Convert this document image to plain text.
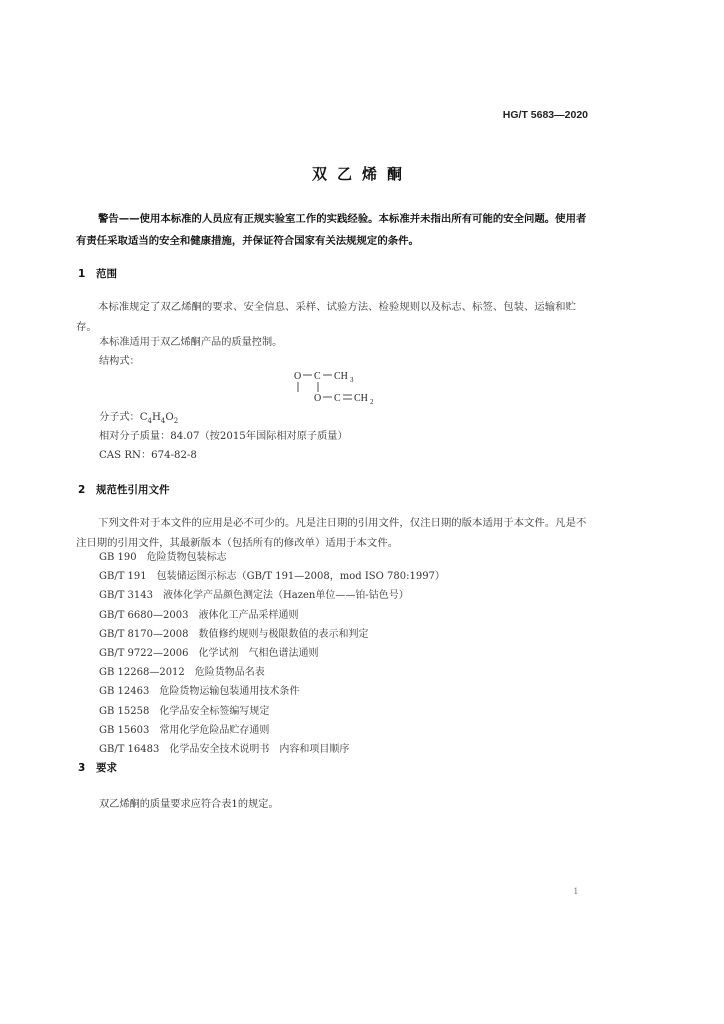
HG/T 5683—2020
双乙烯酮
警告——使用本标准的人员应有正规实验室工作的实践经验。本标准并未指出所有可能的安全问题。使用者有责任采取适当的安全和健康措施，并保证符合国家有关法规规定的条件。
1 范围
本标准规定了双乙烯酮的要求、安全信息、采样、试验方法、检验规则以及标志、标签、包装、运输和贮存。
本标准适用于双乙烯酮产品的质量控制。
结构式：
O C CH 3
O C CH 2
分子式：$C_4H_4O_2$
相对分子质量：84.07（按2015年国际相对原子质量）
CAS RN：674-82-8
2 规范性引用文件
下列文件对于本文件的应用是必不可少的。凡是注日期的引用文件，仅注日期的版本适用于本文件。凡是不注日期的引用文件，其最新版本（包括所有的修改单）适用于本文件。
GB 190 危险货物包装标志
GB/T 191 包装储运图示标志（GB/T 191—2008，mod ISO 780:1997）
GB/T 3143 液体化学产品颜色测定法（Hazen单位——铂-钴色号）
GB/T 6680—2003 液体化工产品采样通则
GB/T 8170—2008 数值修约规则与极限数值的表示和判定
GB/T 9722—2006 化学试剂　气相色谱法通则
GB 12268—2012 危险货物品名表
GB 12463 危险货物运输包装通用技术条件
GB 15258 化学品安全标签编写规定
GB 15603 常用化学危险品贮存通则
GB/T 16483 化学品安全技术说明书　内容和项目顺序
3 要求
双乙烯酮的质量要求应符合表1的规定。
1
